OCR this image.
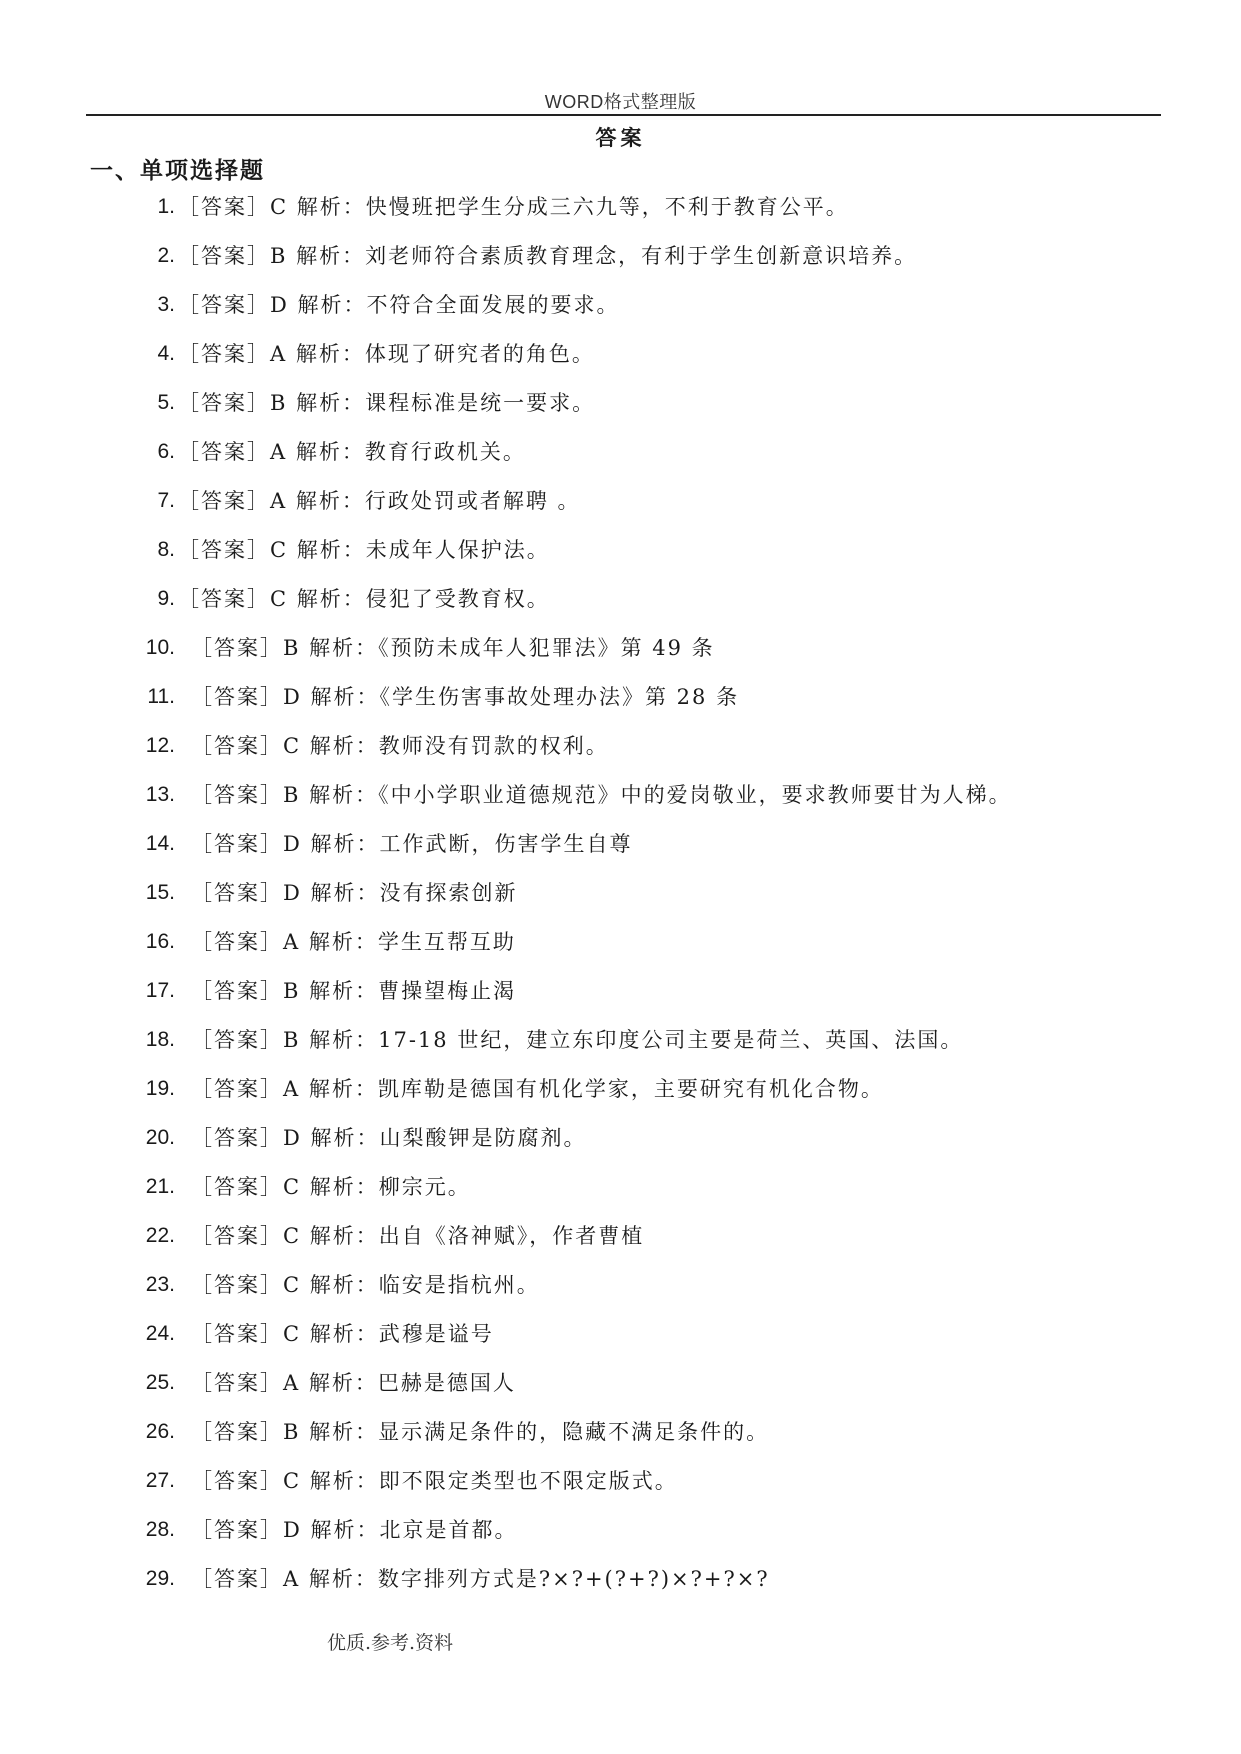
WORD格式整理版
答案
一、单项选择题
1. ［答案］C 解析：快慢班把学生分成三六九等，不利于教育公平。
2. ［答案］B 解析：刘老师符合素质教育理念，有利于学生创新意识培养。
3. ［答案］D 解析：不符合全面发展的要求。
4. ［答案］A 解析：体现了研究者的角色。
5. ［答案］B 解析：课程标准是统一要求。
6. ［答案］A 解析：教育行政机关。
7. ［答案］A 解析：行政处罚或者解聘 。
8. ［答案］C 解析：未成年人保护法。
9. ［答案］C 解析：侵犯了受教育权。
10. ［答案］B 解析：《预防未成年人犯罪法》第 49 条
11. ［答案］D 解析：《学生伤害事故处理办法》第 28 条
12. ［答案］C 解析：教师没有罚款的权利。
13. ［答案］B 解析：《中小学职业道德规范》中的爱岗敬业，要求教师要甘为人梯。
14. ［答案］D 解析：工作武断，伤害学生自尊
15. ［答案］D 解析：没有探索创新
16. ［答案］A 解析：学生互帮互助
17. ［答案］B 解析：曹操望梅止渴
18. ［答案］B 解析：17-18 世纪，建立东印度公司主要是荷兰、英国、法国。
19. ［答案］A 解析：凯库勒是德国有机化学家，主要研究有机化合物。
20. ［答案］D 解析：山梨酸钾是防腐剂。
21. ［答案］C 解析：柳宗元。
22. ［答案］C 解析：出自《洛神赋》，作者曹植
23. ［答案］C 解析：临安是指杭州。
24. ［答案］C 解析：武穆是谥号
25. ［答案］A 解析：巴赫是德国人
26. ［答案］B 解析：显示满足条件的，隐藏不满足条件的。
27. ［答案］C 解析：即不限定类型也不限定版式。
28. ［答案］D 解析：北京是首都。
29. ［答案］A 解析：数字排列方式是?×?+(?+?)×?+?×?
优质.参考.资料
